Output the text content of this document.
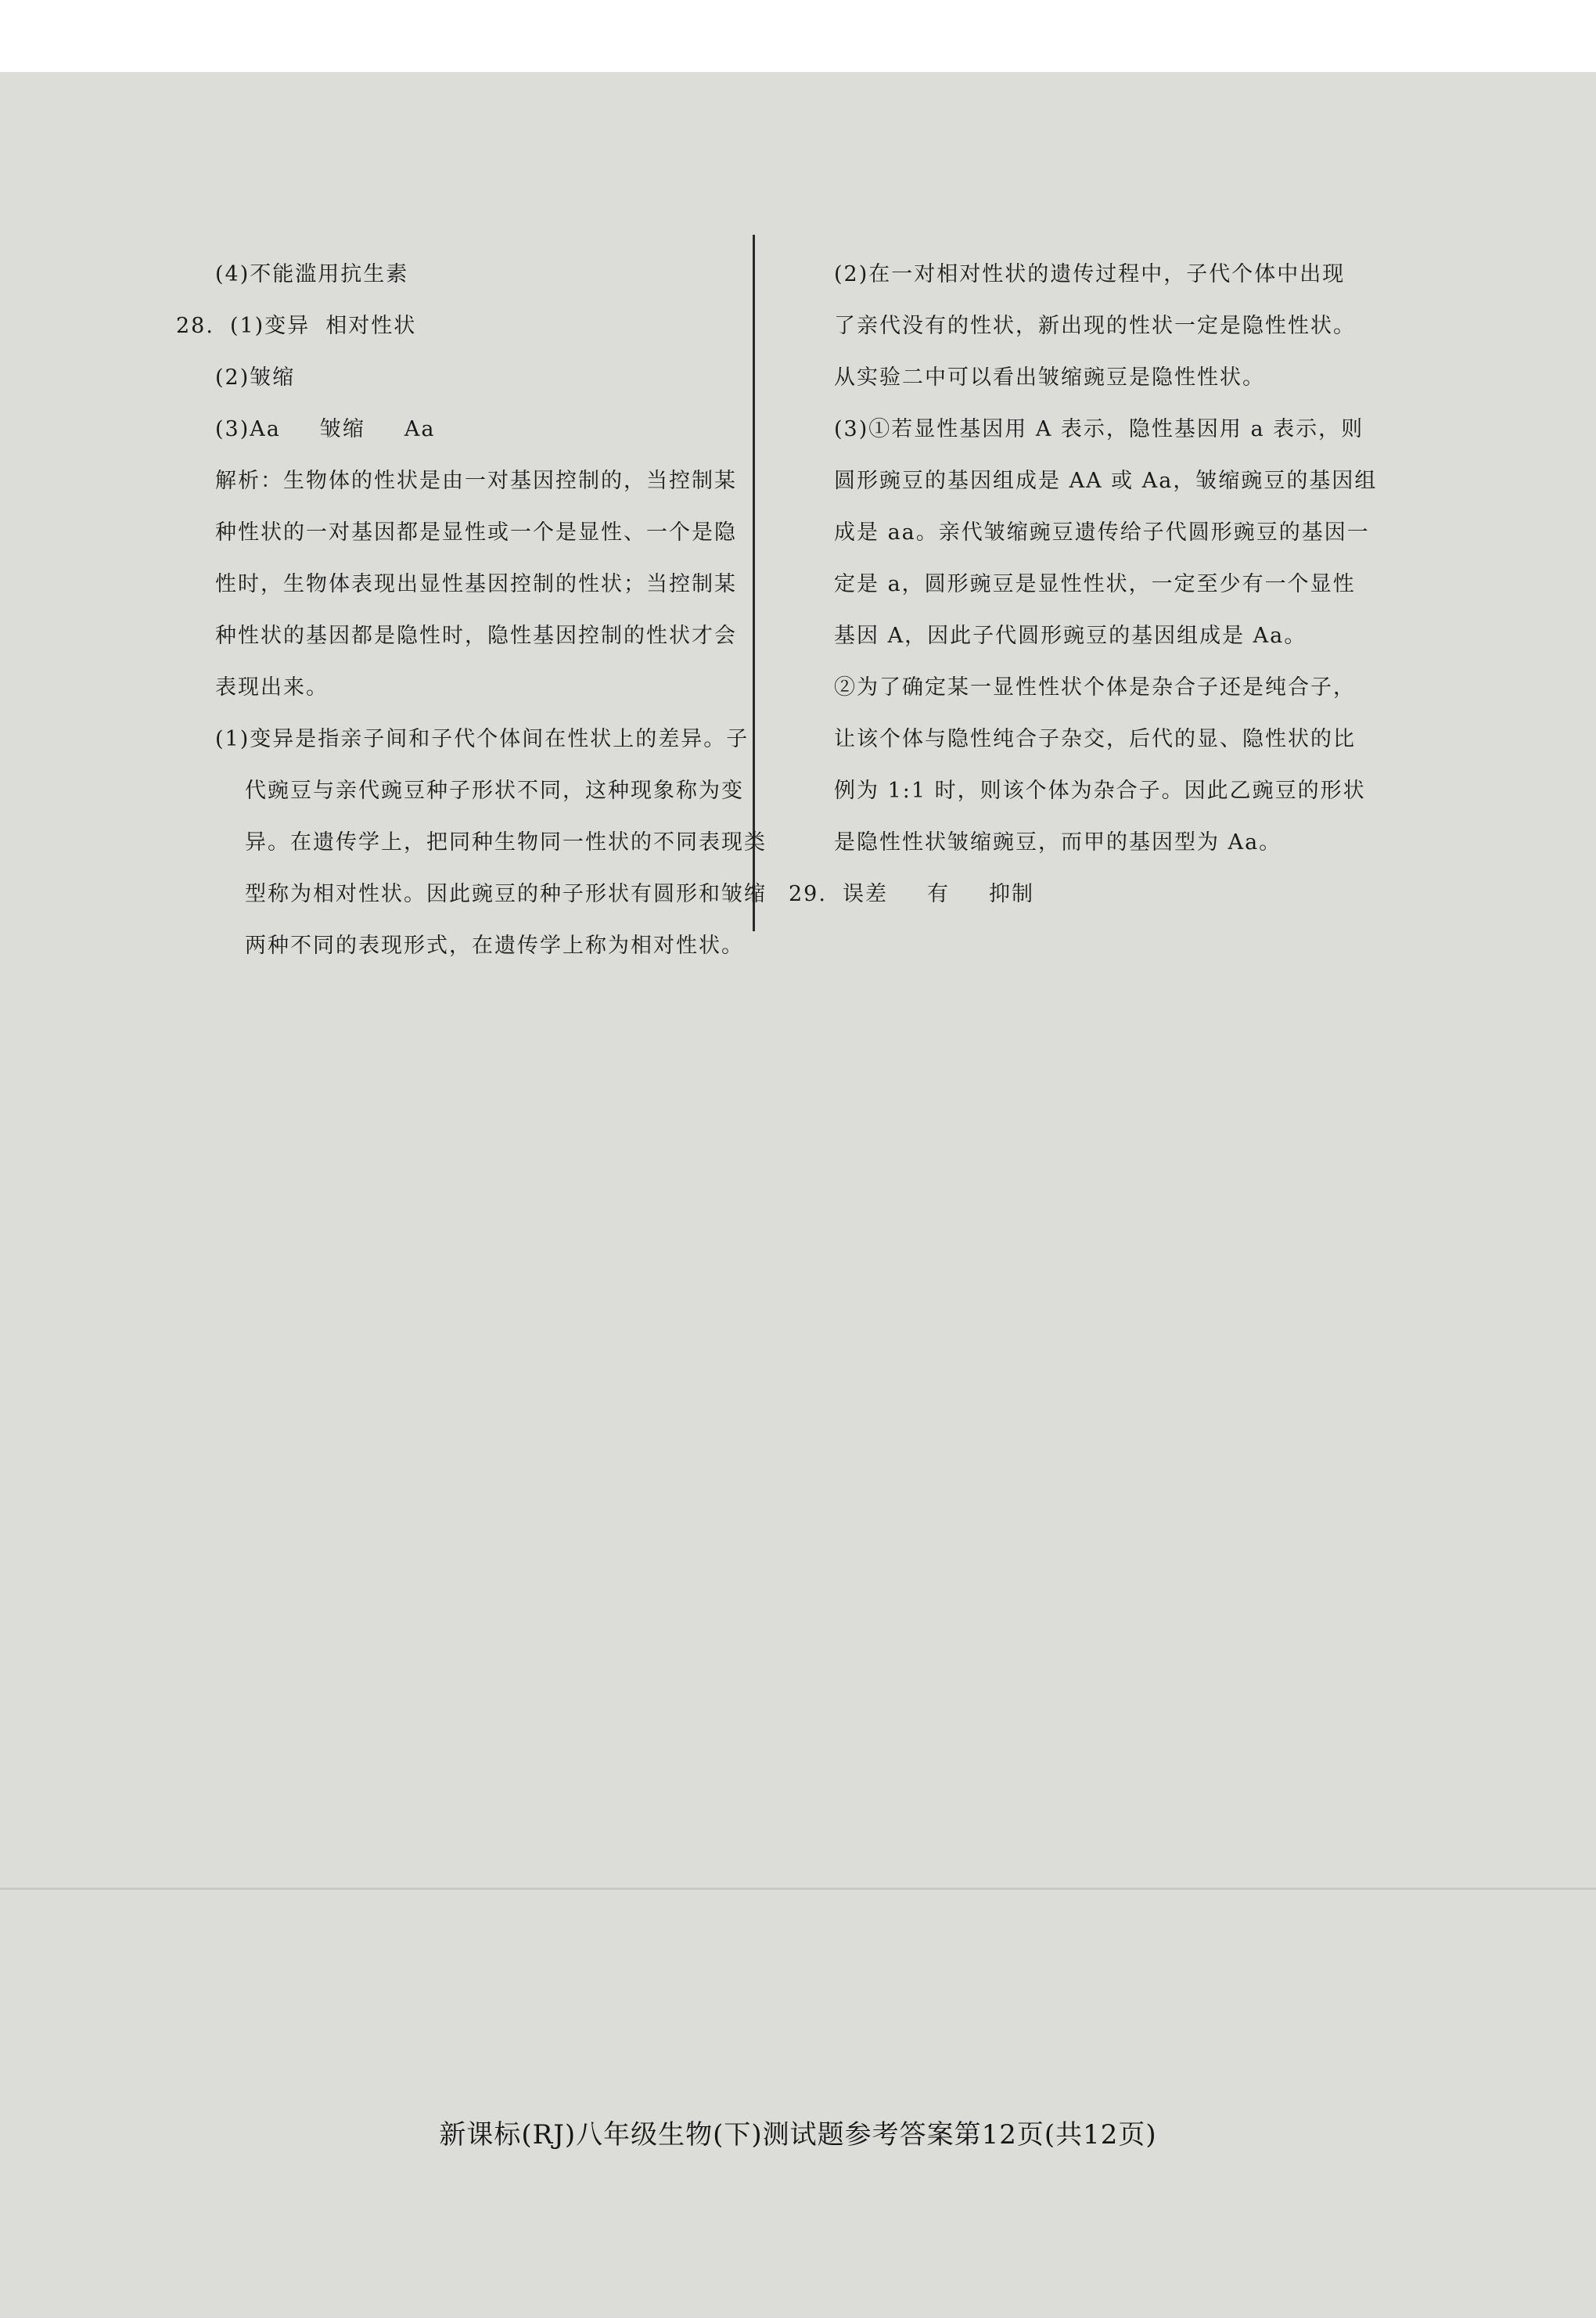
(4)不能滥用抗生素
28. (1)变异 相对性状
(2)皱缩
(3)Aa 皱缩 Aa
解析：生物体的性状是由一对基因控制的，当控制某
种性状的一对基因都是显性或一个是显性、一个是隐
性时，生物体表现出显性基因控制的性状；当控制某
种性状的基因都是隐性时，隐性基因控制的性状才会
表现出来。
(1)变异是指亲子间和子代个体间在性状上的差异。子
代豌豆与亲代豌豆种子形状不同，这种现象称为变
异。在遗传学上，把同种生物同一性状的不同表现类
型称为相对性状。因此豌豆的种子形状有圆形和皱缩
两种不同的表现形式，在遗传学上称为相对性状。
(2)在一对相对性状的遗传过程中，子代个体中出现
了亲代没有的性状，新出现的性状一定是隐性性状。
从实验二中可以看出皱缩豌豆是隐性性状。
(3)①若显性基因用 A 表示，隐性基因用 a 表示，则
圆形豌豆的基因组成是 AA 或 Aa，皱缩豌豆的基因组
成是 aa。亲代皱缩豌豆遗传给子代圆形豌豆的基因一
定是 a，圆形豌豆是显性性状，一定至少有一个显性
基因 A，因此子代圆形豌豆的基因组成是 Aa。
②为了确定某一显性性状个体是杂合子还是纯合子，
让该个体与隐性纯合子杂交，后代的显、隐性状的比
例为 1:1 时，则该个体为杂合子。因此乙豌豆的形状
是隐性性状皱缩豌豆，而甲的基因型为 Aa。
29. 误差 有 抑制
新课标(RJ)八年级生物(下)测试题参考答案第12页(共12页)
